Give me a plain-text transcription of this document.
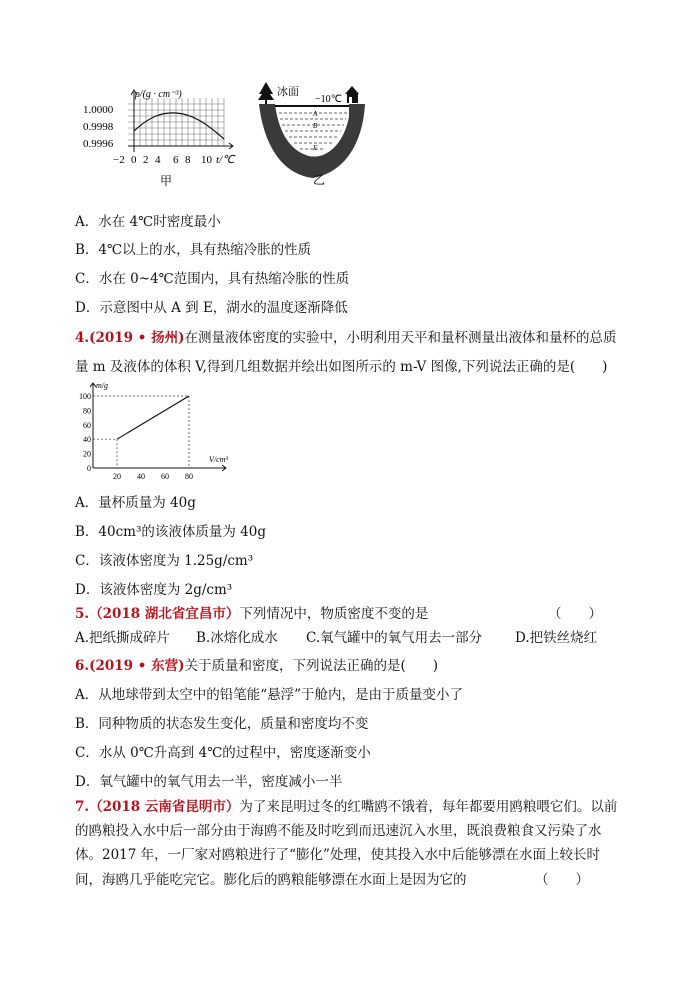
ρ/(g · cm⁻³)
1.0000
0.9998
0.9996
−2 0 2 4 6 8 10 t/℃
甲
冰面
−10℃
A
B
E
乙
A．水在 4℃时密度最小
B．4℃以上的水，具有热缩冷胀的性质
C．水在 0~4℃范围内，具有热缩冷胀的性质
D．示意图中从 A 到 E，湖水的温度逐渐降低
4.(2019 • 扬州)在测量液体密度的实验中，小明利用天平和量杯测量出液体和量杯的总质
量 m 及液体的体积 V,得到几组数据并绘出如图所示的 m-V 图像,下列说法正确的是(　　)
m/g
V/cm³
100
80
60
40
20
0
20 40 60 80
A．量杯质量为 40g
B．40cm³的该液体质量为 40g
C．该液体密度为 1.25g/cm³
D．该液体密度为 2g/cm³
5.（2018 湖北省宜昌市）下列情况中，物质密度不变的是	（　　）
A.把纸撕成碎片 B.冰熔化成水 C.氧气罐中的氧气用去一部分 D.把铁丝烧红
6.(2019 • 东营)关于质量和密度，下列说法正确的是(　　)
A．从地球带到太空中的铅笔能“悬浮”于舱内，是由于质量变小了
B．同种物质的状态发生变化，质量和密度均不变
C．水从 0℃升高到 4℃的过程中，密度逐渐变小
D．氧气罐中的氧气用去一半，密度减小一半
7.（2018 云南省昆明市）为了来昆明过冬的红嘴鸥不饿着，每年都要用鸥粮喂它们。以前
的鸥粮投入水中后一部分由于海鸥不能及时吃到而迅速沉入水里，既浪费粮食又污染了水
体。2017 年，一厂家对鸥粮进行了“膨化”处理，使其投入水中后能够漂在水面上较长时
间，海鸥几乎能吃完它。膨化后的鸥粮能够漂在水面上是因为它的	（　　）
